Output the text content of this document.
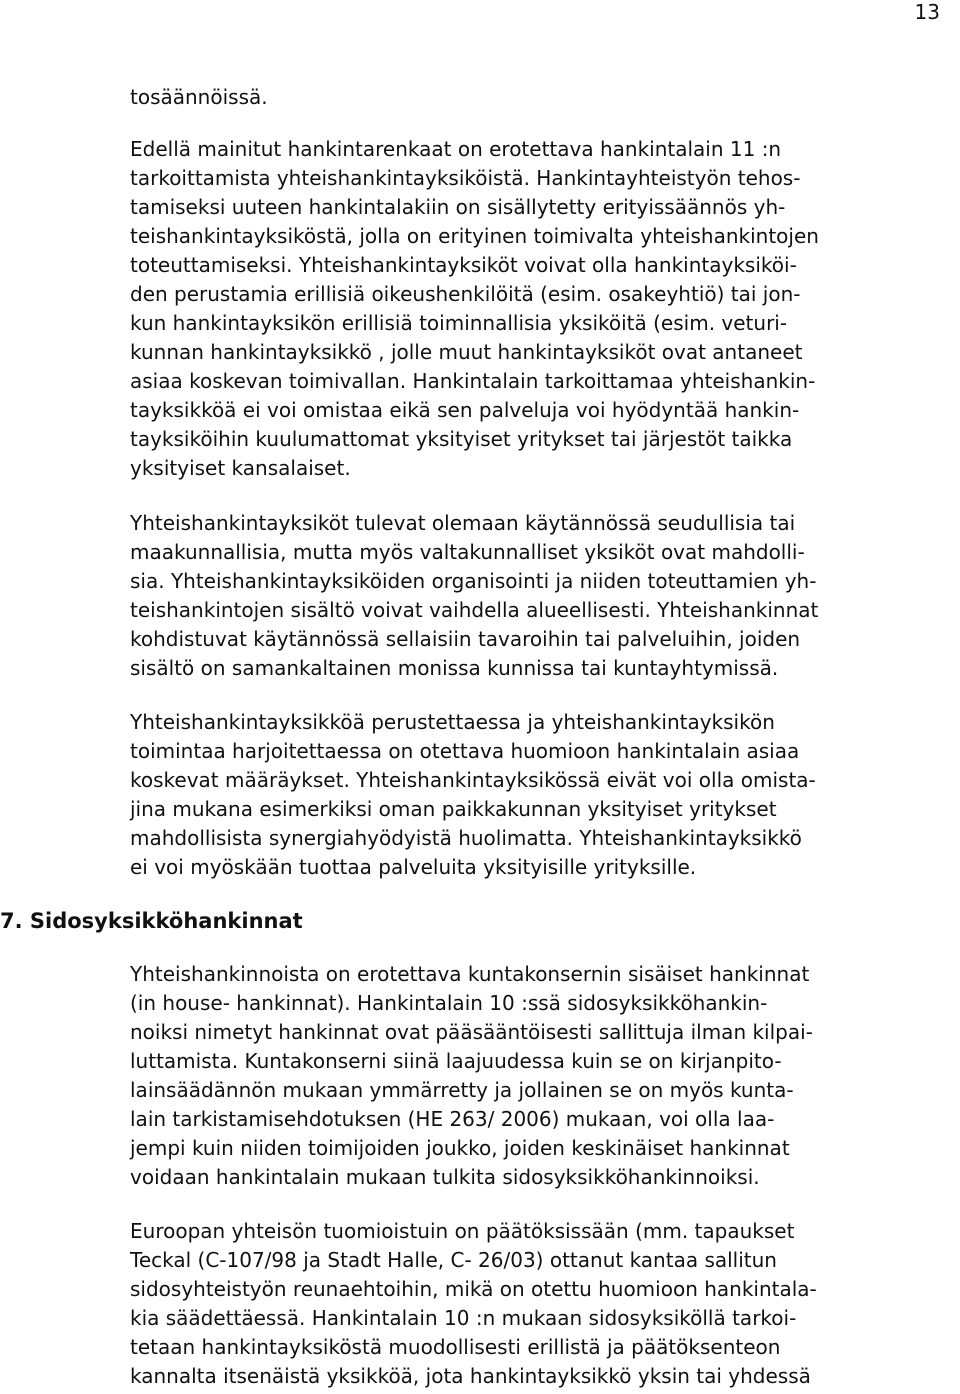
13
tosäännöissä.
Edellä mainitut hankintarenkaat on erotettava hankintalain 11 :n
tarkoittamista yhteishankintayksiköistä. Hankintayhteistyön tehos-
tamiseksi uuteen hankintalakiin on sisällytetty erityissäännös yh-
teishankintayksiköstä, jolla on erityinen toimivalta yhteishankintojen
toteuttamiseksi. Yhteishankintayksiköt voivat olla hankintayksiköi-
den perustamia erillisiä oikeushenkilöitä (esim. osakeyhtiö) tai jon-
kun hankintayksikön erillisiä toiminnallisia yksiköitä (esim. veturi-
kunnan hankintayksikkö , jolle muut hankintayksiköt ovat antaneet
asiaa koskevan toimivallan. Hankintalain tarkoittamaa yhteishankin-
tayksikköä ei voi omistaa eikä sen palveluja voi hyödyntää hankin-
tayksiköihin kuulumattomat yksityiset yritykset tai järjestöt taikka
yksityiset kansalaiset.
Yhteishankintayksiköt tulevat olemaan käytännössä seudullisia tai
maakunnallisia, mutta myös valtakunnalliset yksiköt ovat mahdolli-
sia. Yhteishankintayksiköiden organisointi ja niiden toteuttamien yh-
teishankintojen sisältö voivat vaihdella alueellisesti. Yhteishankinnat
kohdistuvat käytännössä sellaisiin tavaroihin tai palveluihin, joiden
sisältö on samankaltainen monissa kunnissa tai kuntayhtymissä.
Yhteishankintayksikköä perustettaessa ja yhteishankintayksikön
toimintaa harjoitettaessa on otettava huomioon hankintalain asiaa
koskevat määräykset. Yhteishankintayksikössä eivät voi olla omista-
jina mukana esimerkiksi oman paikkakunnan yksityiset yritykset
mahdollisista synergiahyödyistä huolimatta. Yhteishankintayksikkö
ei voi myöskään tuottaa palveluita yksityisille yrityksille.
7. Sidosyksikköhankinnat
Yhteishankinnoista on erotettava kuntakonsernin sisäiset hankinnat
(in house- hankinnat). Hankintalain 10 :ssä sidosyksikköhankin-
noiksi nimetyt hankinnat ovat pääsääntöisesti sallittuja ilman kilpai-
luttamista. Kuntakonserni siinä laajuudessa kuin se on kirjanpito-
lainsäädännön mukaan ymmärretty ja jollainen se on myös kunta-
lain tarkistamisehdotuksen (HE 263/ 2006) mukaan, voi olla laa-
jempi kuin niiden toimijoiden joukko, joiden keskinäiset hankinnat
voidaan hankintalain mukaan tulkita sidosyksikköhankinnoiksi.
Euroopan yhteisön tuomioistuin on päätöksissään (mm. tapaukset
Teckal (C-107/98 ja Stadt Halle, C- 26/03) ottanut kantaa sallitun
sidosyhteistyön reunaehtoihin, mikä on otettu huomioon hankintala-
kia säädettäessä. Hankintalain 10 :n mukaan sidosyksiköllä tarkoi-
tetaan hankintayksiköstä muodollisesti erillistä ja päätöksenteon
kannalta itsenäistä yksikköä, jota hankintayksikkö yksin tai yhdessä
